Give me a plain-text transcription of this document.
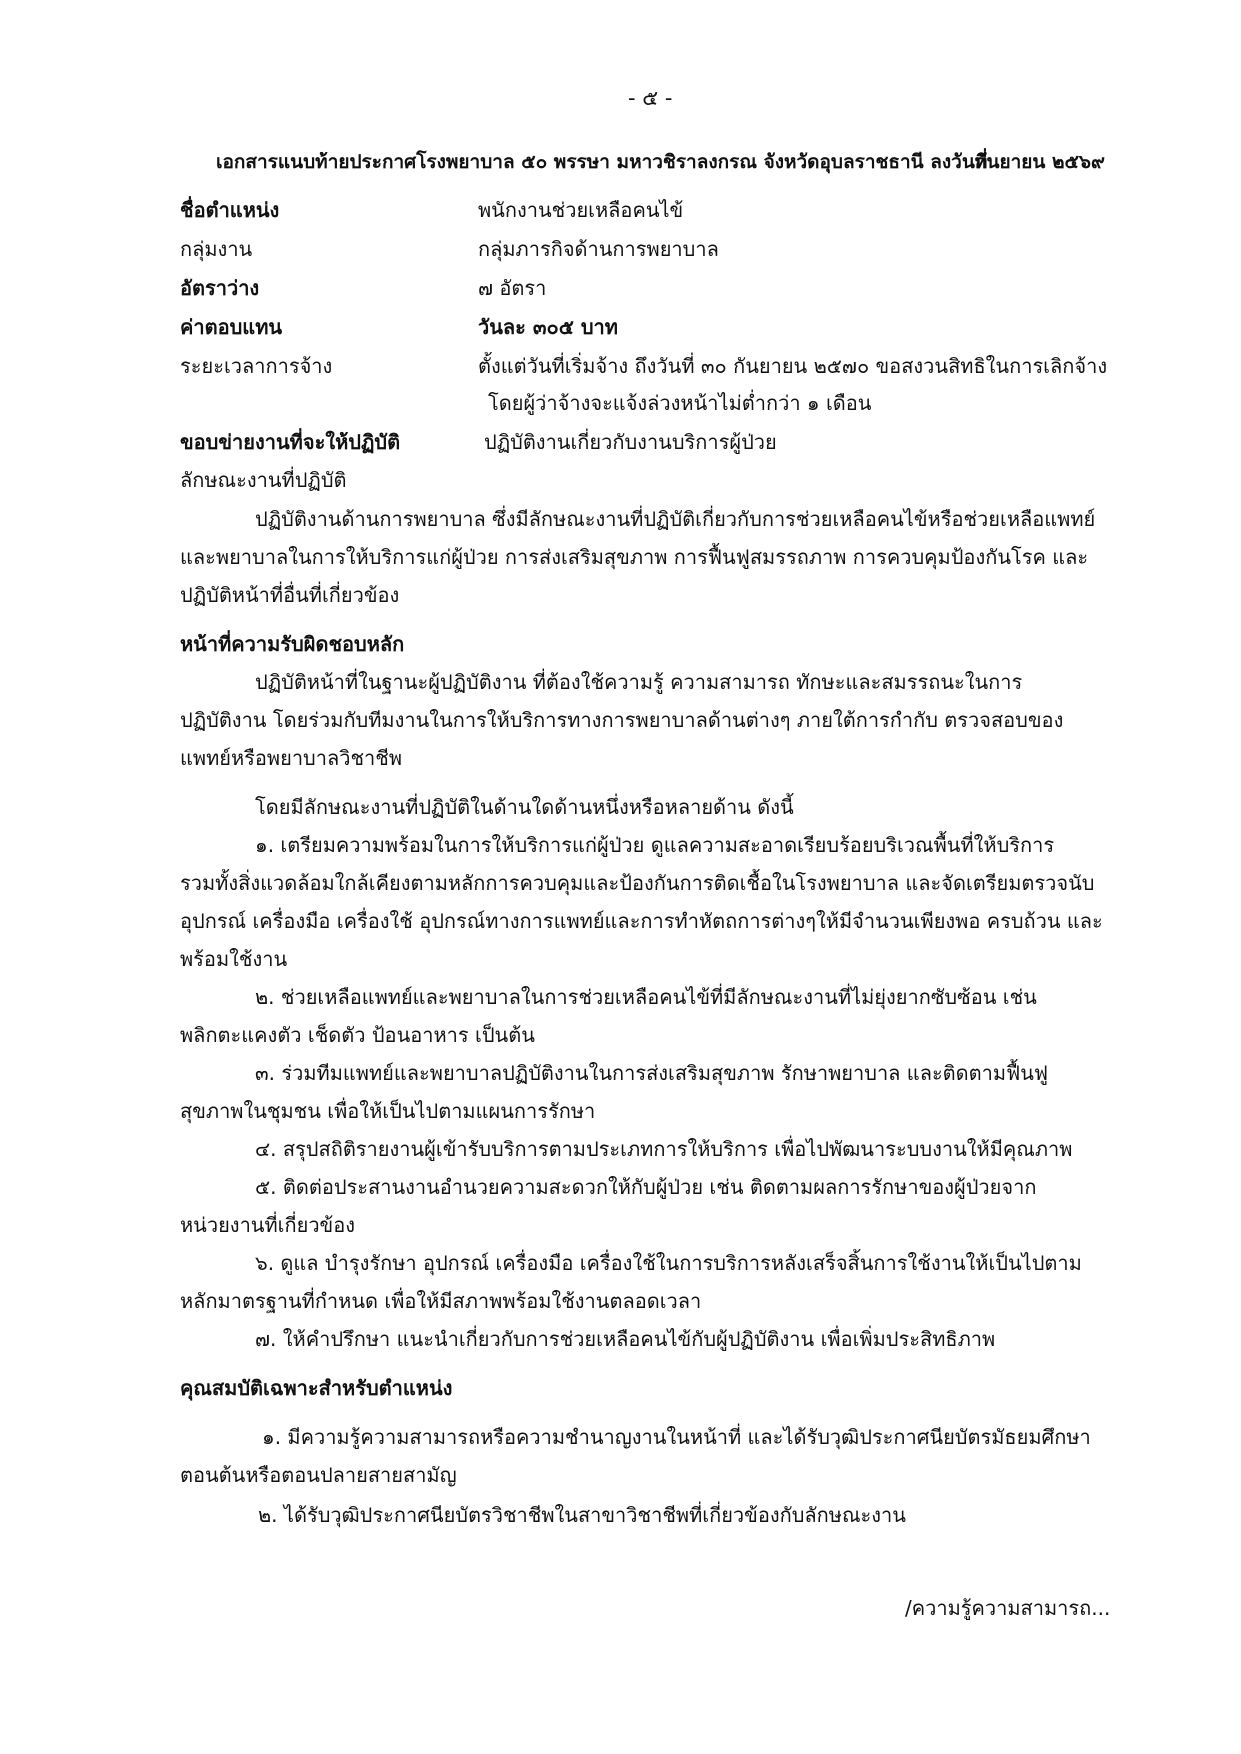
- ๕ -
เอกสารแนบท้ายประกาศโรงพยาบาล ๕๐ พรรษา มหาวชิราลงกรณ จังหวัดอุบลราชธานี ลงวันที่
กันยายน ๒๕๖๙
ชื่อตำแหน่ง	พนักงานช่วยเหลือคนไข้
กลุ่มงาน	กลุ่มภารกิจด้านการพยาบาล
อัตราว่าง	๗ อัตรา
ค่าตอบแทน	วันละ ๓๐๕ บาท
ระยะเวลาการจ้าง	ตั้งแต่วันที่เริ่มจ้าง ถึงวันที่ ๓๐ กันยายน ๒๕๗๐ ขอสงวนสิทธิในการเลิกจ้าง
โดยผู้ว่าจ้างจะแจ้งล่วงหน้าไม่ต่ำกว่า ๑ เดือน
ขอบข่ายงานที่จะให้ปฏิบัติ	ปฏิบัติงานเกี่ยวกับงานบริการผู้ป่วย
ลักษณะงานที่ปฏิบัติ
ปฏิบัติงานด้านการพยาบาล ซึ่งมีลักษณะงานที่ปฏิบัติเกี่ยวกับการช่วยเหลือคนไข้หรือช่วยเหลือแพทย์
และพยาบาลในการให้บริการแก่ผู้ป่วย การส่งเสริมสุขภาพ การฟื้นฟูสมรรถภาพ การควบคุมป้องกันโรค และ
ปฏิบัติหน้าที่อื่นที่เกี่ยวข้อง
หน้าที่ความรับผิดชอบหลัก
ปฏิบัติหน้าที่ในฐานะผู้ปฏิบัติงาน ที่ต้องใช้ความรู้ ความสามารถ ทักษะและสมรรถนะในการ
ปฏิบัติงาน โดยร่วมกับทีมงานในการให้บริการทางการพยาบาลด้านต่างๆ ภายใต้การกำกับ ตรวจสอบของ
แพทย์หรือพยาบาลวิชาชีพ
โดยมีลักษณะงานที่ปฏิบัติในด้านใดด้านหนึ่งหรือหลายด้าน ดังนี้
๑. เตรียมความพร้อมในการให้บริการแก่ผู้ป่วย ดูแลความสะอาดเรียบร้อยบริเวณพื้นที่ให้บริการ
รวมทั้งสิ่งแวดล้อมใกล้เคียงตามหลักการควบคุมและป้องกันการติดเชื้อในโรงพยาบาล และจัดเตรียมตรวจนับ
อุปกรณ์ เครื่องมือ เครื่องใช้ อุปกรณ์ทางการแพทย์และการทำหัตถการต่างๆให้มีจำนวนเพียงพอ ครบถ้วน และ
พร้อมใช้งาน
๒. ช่วยเหลือแพทย์และพยาบาลในการช่วยเหลือคนไข้ที่มีลักษณะงานที่ไม่ยุ่งยากซับซ้อน เช่น
พลิกตะแคงตัว เช็ดตัว ป้อนอาหาร เป็นต้น
๓. ร่วมทีมแพทย์และพยาบาลปฏิบัติงานในการส่งเสริมสุขภาพ รักษาพยาบาล และติดตามฟื้นฟู
สุขภาพในชุมชน เพื่อให้เป็นไปตามแผนการรักษา
๔. สรุปสถิติรายงานผู้เข้ารับบริการตามประเภทการให้บริการ เพื่อไปพัฒนาระบบงานให้มีคุณภาพ
๕. ติดต่อประสานงานอำนวยความสะดวกให้กับผู้ป่วย เช่น ติดตามผลการรักษาของผู้ป่วยจาก
หน่วยงานที่เกี่ยวข้อง
๖. ดูแล บำรุงรักษา อุปกรณ์ เครื่องมือ เครื่องใช้ในการบริการหลังเสร็จสิ้นการใช้งานให้เป็นไปตาม
หลักมาตรฐานที่กำหนด เพื่อให้มีสภาพพร้อมใช้งานตลอดเวลา
๗. ให้คำปรึกษา แนะนำเกี่ยวกับการช่วยเหลือคนไข้กับผู้ปฏิบัติงาน เพื่อเพิ่มประสิทธิภาพ
คุณสมบัติเฉพาะสำหรับตำแหน่ง
๑. มีความรู้ความสามารถหรือความชำนาญงานในหน้าที่ และได้รับวุฒิประกาศนียบัตรมัธยมศึกษา
ตอนต้นหรือตอนปลายสายสามัญ
๒. ได้รับวุฒิประกาศนียบัตรวิชาชีพในสาขาวิชาชีพที่เกี่ยวข้องกับลักษณะงาน
/ความรู้ความสามารถ...
